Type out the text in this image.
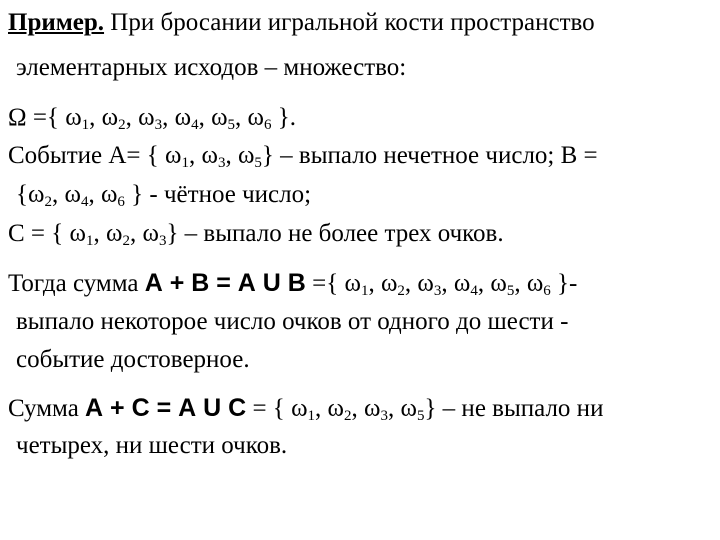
Пример. При бросании игральной кости пространство
элементарных исходов – множество:
Ω ={ $\omega_1$, $\omega_2$, $\omega_3$, $\omega_4$, $\omega_5$, $\omega_6$ }.
Событие А= { $\omega_1$, $\omega_3$, $\omega_5$} – выпало нечетное число; В =
{$\omega_2$, $\omega_4$, $\omega_6$ } - чётное число;
С = { $\omega_1$, $\omega_2$, $\omega_3$} – выпало не более трех очков.
Тогда сумма А + В = А U В ={ $\omega_1$, $\omega_2$, $\omega_3$, $\omega_4$, $\omega_5$, $\omega_6$ }-
выпало некоторое число очков от одного до шести -
событие достоверное.
Сумма А + С = А U С = { $\omega_1$, $\omega_2$, $\omega_3$, $\omega_5$} – не выпало ни
четырех, ни шести очков.
